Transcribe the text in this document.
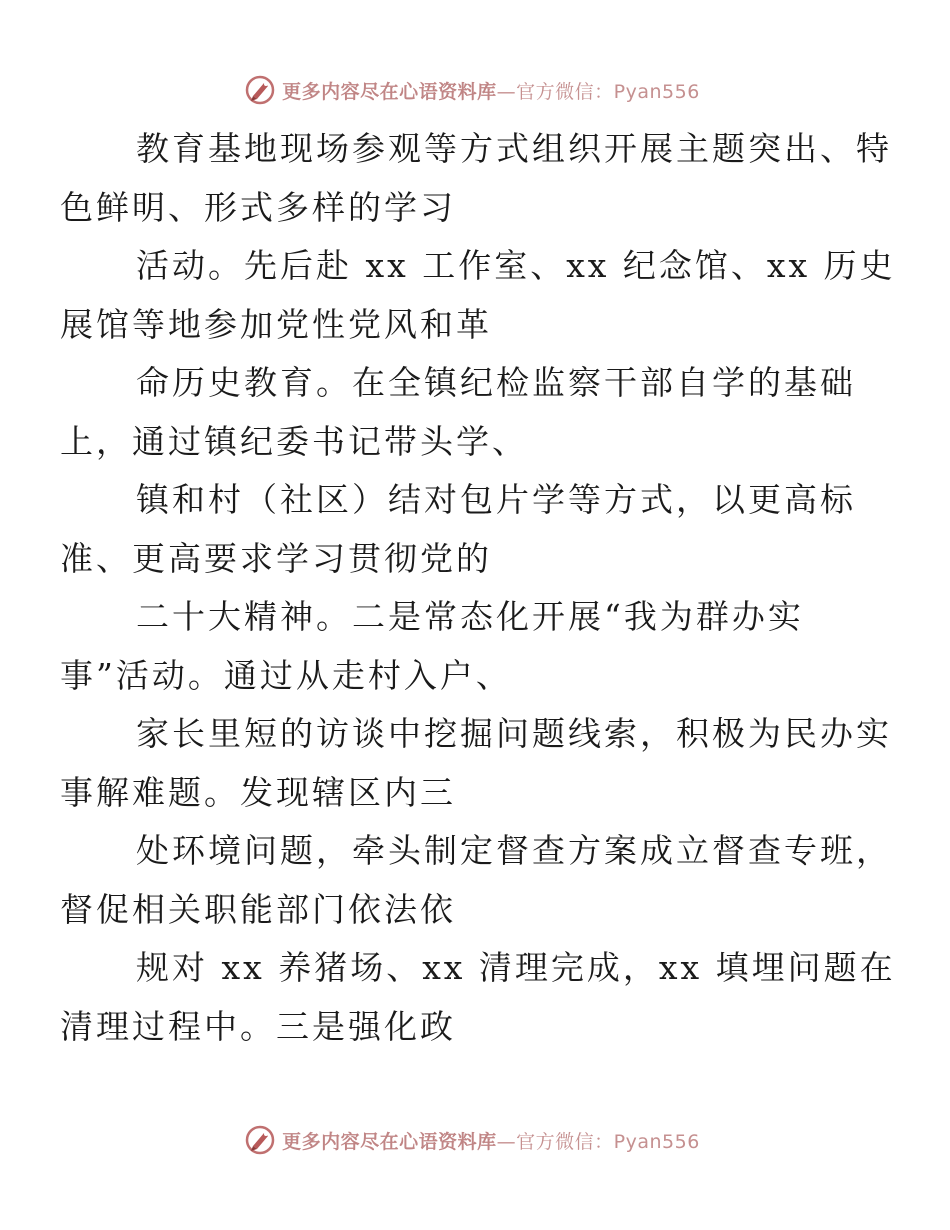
更多内容尽在心语资料库—官方微信：Pyan556

教育基地现场参观等方式组织开展主题突出、特
色鲜明、形式多样的学习

活动。先后赴 xx 工作室、xx 纪念馆、xx 历史
展馆等地参加党性党风和革

命历史教育。在全镇纪检监察干部自学的基础
上，通过镇纪委书记带头学、

镇和村（社区）结对包片学等方式，以更高标
准、更高要求学习贯彻党的

二十大精神。二是常态化开展“我为群办实
事”活动。通过从走村入户、

家长里短的访谈中挖掘问题线索，积极为民办实
事解难题。发现辖区内三

处环境问题，牵头制定督查方案成立督查专班，
督促相关职能部门依法依

规对 xx 养猪场、xx 清理完成，xx 填埋问题在
清理过程中。三是强化政

更多内容尽在心语资料库—官方微信：Pyan556
